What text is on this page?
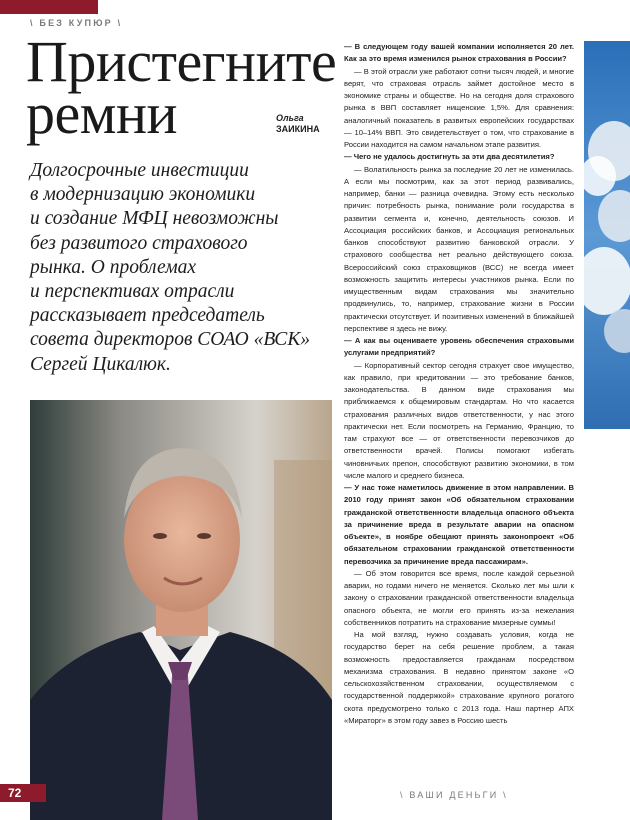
\ БЕЗ КУПЮР \
Пристегните
ремни	Ольга
ЗАИКИНА
Долгосрочные инвестиции
в модернизацию экономики
и создание МФЦ невозможны
без развитого страхового
рынка. О проблемах
и перспективах отрасли
рассказывает председатель
совета директоров СОАО «ВСК»
Сергей Цикалюк.

— В следующем году вашей компании исполняется 20 лет. Как за это время изменился рынок страхования в России?

— В этой отрасли уже работают сотни тысяч людей, и многие верят, что страховая отрасль займет достойное место в экономике страны и обществе. Но на сегодня доля страхового рынка в ВВП составляет нищенские 1,5%. Для сравнения: аналогичный показатель в развитых европейских государствах — 10–14% ВВП. Это свидетельствует о том, что страхование в России находится на самом начальном этапе развития.

— Чего не удалось достигнуть за эти два десятилетия?

— Волатильность рынка за последние 20 лет не изменилась. А если мы посмотрим, как за этот период развивались, например, банки — разница очевидна. Этому есть несколько причин: потребность рынка, понимание роли государства в развитии сегмента и, конечно, деятельность союзов. И Ассоциация российских банков, и Ассоциация региональных банков способствуют развитию банковской отрасли. У страхового сообщества нет реально действующего союза. Всероссийский союз страховщиков (ВСС) не всегда имеет возможность защитить интересы участников рынка. Если по имущественным видам страхования мы значительно продвинулись, то, например, страхование жизни в России практически отсутствует. И позитивных изменений в ближайшей перспективе я здесь не вижу.

— А как вы оцениваете уровень обеспечения страховыми услугами предприятий?

— Корпоративный сектор сегодня страхует свое имущество, как правило, при кредитовании — это требование банков, законодательства. В данном виде страхования мы приближаемся к общемировым стандартам. Но что касается страхования различных видов ответственности, у нас этого практически нет. Если посмотреть на Германию, Францию, то там страхуют все — от ответственности перевозчиков до ответственности врачей. Полисы помогают избегать чиновничьих препон, способствуют развитию экономики, в том числе малого и среднего бизнеса.

— У нас тоже наметилось движение в этом направлении. В 2010 году принят закон «Об обязательном страховании гражданской ответственности владельца опасного объекта за причинение вреда в результате аварии на опасном объекте», в ноябре обещают принять законопроект «Об обязательном страховании гражданской ответственности перевозчика за причинение вреда пассажирам».

— Об этом говорится все время, после каждой серьезной аварии, но годами ничего не меняется. Сколько лет мы шли к закону о страховании гражданской ответственности владельца опасного объекта, не могли его принять из-за нежелания собственников потратить на страхование мизерные суммы!

На мой взгляд, нужно создавать условия, когда не государство берет на себя решение проблем, а такая возможность предоставляется гражданам посредством механизма страхования. В недавно принятом законе «О сельскохозяйственном страховании, осуществляемом с государственной поддержкой» страхование крупного рогатого скота предусмотрено только с 2013 года. Наш партнер АПХ «Мираторг» в этом году завез в Россию шесть

72	\ ВАШИ ДЕНЬГИ \
